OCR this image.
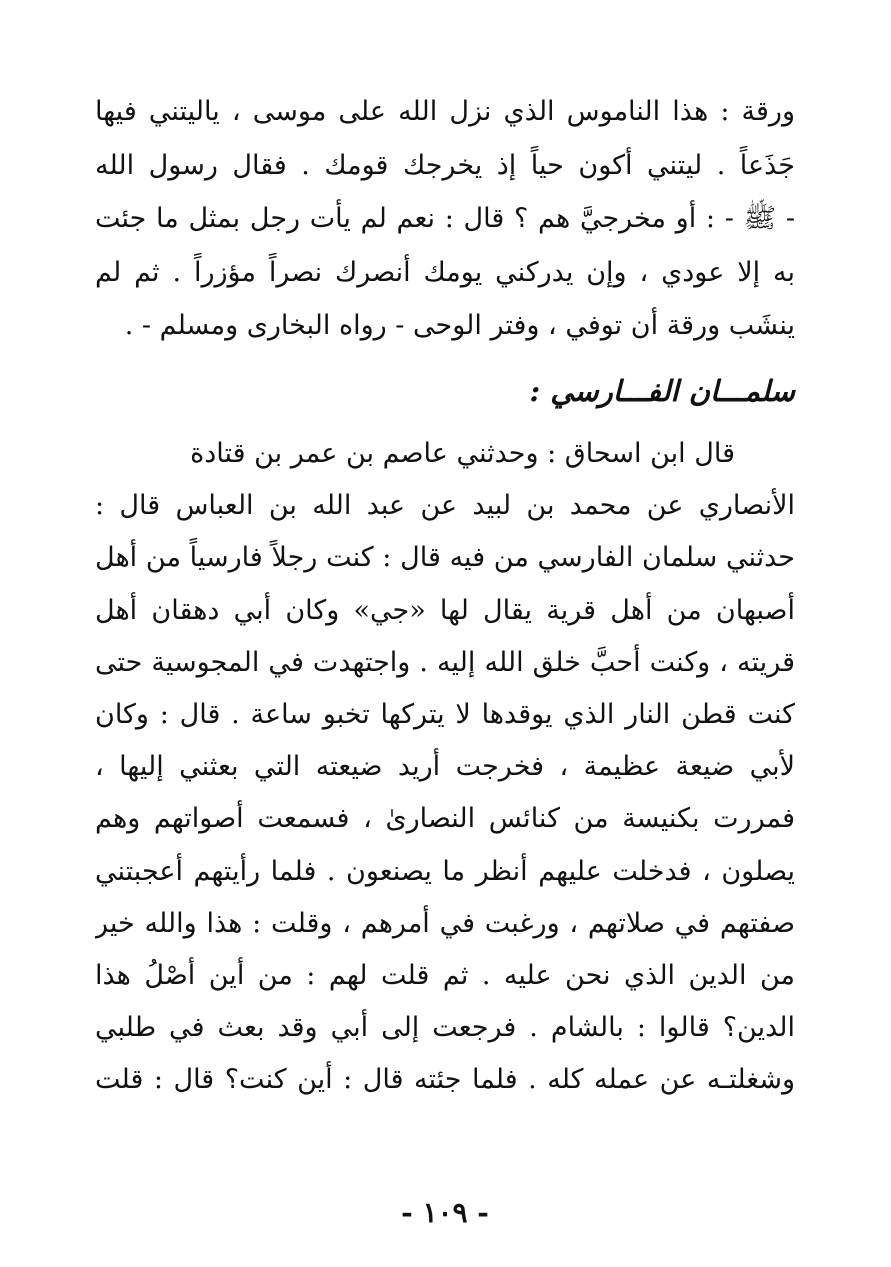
ورقة : هذا الناموس الذي نزل الله على موسى ، ياليتني فيها
جَذَعاً . ليتني أكون حياً إذ يخرجك قومك . فقال رسول الله
- ﷺ - : أو مخرجيَّ هم ؟ قال : نعم لم يأت رجل بمثل ما جئت
به إلا عودي ، وإن يدركني يومك أنصرك نصراً مؤزراً . ثم لم
ينشَب ورقة أن توفي ، وفتر الوحى - رواه البخارى ومسلم - .
سلمـــان الفـــارسي :
قال ابن اسحاق : وحدثني عاصم بن عمر بن قتادة
الأنصاري عن محمد بن لبيد عن عبد الله بن العباس قال :
حدثني سلمان الفارسي من فيه قال : كنت رجلاً فارسياً من أهل
أصبهان من أهل قرية يقال لها «جي» وكان أبي دهقان أهل
قريته ، وكنت أحبَّ خلق الله إليه . واجتهدت في المجوسية حتى
كنت قطن النار الذي يوقدها لا يتركها تخبو ساعة . قال : وكان
لأبي ضيعة عظيمة ، فخرجت أريد ضيعته التي بعثني إليها ،
فمررت بكنيسة من كنائس النصارىٰ ، فسمعت أصواتهم وهم
يصلون ، فدخلت عليهم أنظر ما يصنعون . فلما رأيتهم أعجبتني
صفتهم في صلاتهم ، ورغبت في أمرهم ، وقلت : هذا والله خير
من الدين الذي نحن عليه . ثم قلت لهم : من أين أصْلُ هذا
الدين؟ قالوا : بالشام . فرجعت إلى أبي وقد بعث في طلبي
وشغلتـه عن عمله كله . فلما جئته قال : أين كنت؟ قال : قلت
- ١٠٩ -
